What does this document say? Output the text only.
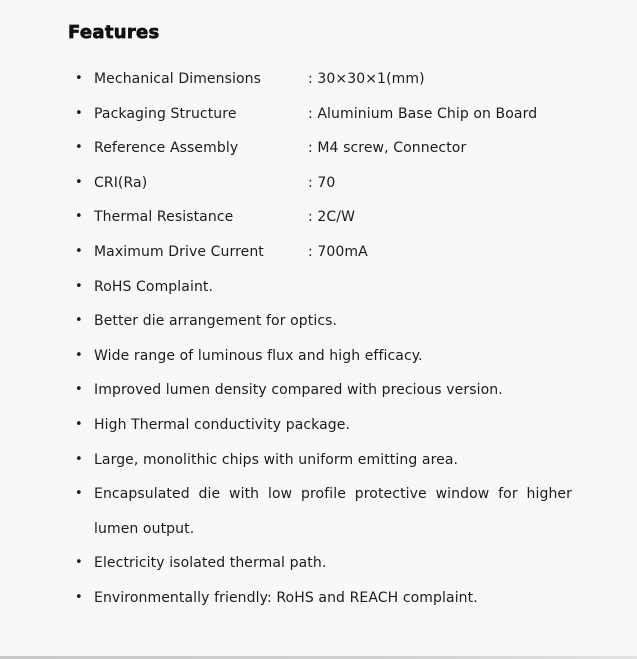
Features
• Mechanical Dimensions	: 30×30×1(mm)
• Packaging Structure	: Aluminium Base Chip on Board
• Reference Assembly	: M4 screw, Connector
• CRI(Ra)	: 70
• Thermal Resistance	: 2C/W
• Maximum Drive Current	: 700mA
• RoHS Complaint.
• Better die arrangement for optics.
• Wide range of luminous flux and high efficacy.
• Improved lumen density compared with precious version.
• High Thermal conductivity package.
• Large, monolithic chips with uniform emitting area.
• Encapsulated die with low profile protective window for higher lumen output.
• Electricity isolated thermal path.
• Environmentally friendly: RoHS and REACH complaint.
